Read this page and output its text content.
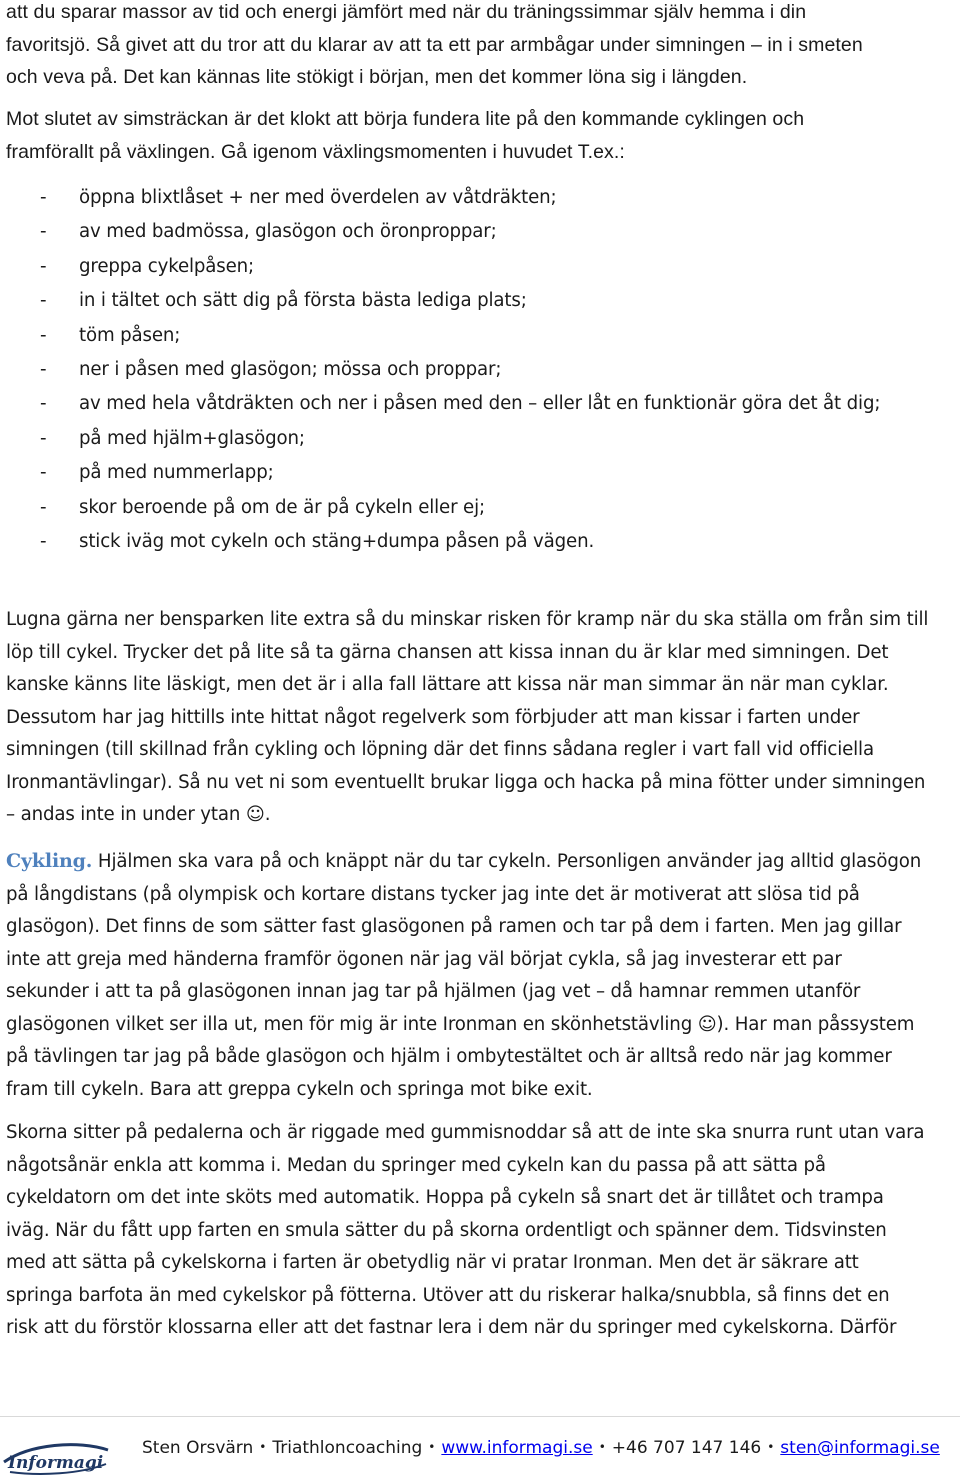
att du sparar massor av tid och energi jämfört med när du träningssimmar själv hemma i din

favoritsjö. Så givet att du tror att du klarar av att ta ett par armbågar under simningen – in i smeten

och veva på. Det kan kännas lite stökigt i början, men det kommer löna sig i längden.

Mot slutet av simsträckan är det klokt att börja fundera lite på den kommande cyklingen och

framförallt på växlingen. Gå igenom växlingsmomenten i huvudet T.ex.:

- öppna blixtlåset + ner med överdelen av våtdräkten;
- av med badmössa, glasögon och öronproppar;
- greppa cykelpåsen;
- in i tältet och sätt dig på första bästa lediga plats;
- töm påsen;
- ner i påsen med glasögon; mössa och proppar;
- av med hela våtdräkten och ner i påsen med den – eller låt en funktionär göra det åt dig;
- på med hjälm+glasögon;
- på med nummerlapp;
- skor beroende på om de är på cykeln eller ej;
- stick iväg mot cykeln och stäng+dumpa påsen på vägen.

Lugna gärna ner bensparken lite extra så du minskar risken för kramp när du ska ställa om från sim till

löp till cykel. Trycker det på lite så ta gärna chansen att kissa innan du är klar med simningen. Det

kanske känns lite läskigt, men det är i alla fall lättare att kissa när man simmar än när man cyklar.

Dessutom har jag hittills inte hittat något regelverk som förbjuder att man kissar i farten under

simningen (till skillnad från cykling och löpning där det finns sådana regler i vart fall vid officiella

Ironmantävlingar). Så nu vet ni som eventuellt brukar ligga och hacka på mina fötter under simningen

– andas inte in under ytan ☺.

Cykling. Hjälmen ska vara på och knäppt när du tar cykeln. Personligen använder jag alltid glasögon

på långdistans (på olympisk och kortare distans tycker jag inte det är motiverat att slösa tid på

glasögon). Det finns de som sätter fast glasögonen på ramen och tar på dem i farten. Men jag gillar

inte att greja med händerna framför ögonen när jag väl börjat cykla, så jag investerar ett par

sekunder i att ta på glasögonen innan jag tar på hjälmen (jag vet – då hamnar remmen utanför

glasögonen vilket ser illa ut, men för mig är inte Ironman en skönhetstävling ☺). Har man påssystem

på tävlingen tar jag på både glasögon och hjälm i ombytestältet och är alltså redo när jag kommer

fram till cykeln. Bara att greppa cykeln och springa mot bike exit.

Skorna sitter på pedalerna och är riggade med gummisnoddar så att de inte ska snurra runt utan vara

någotsånär enkla att komma i. Medan du springer med cykeln kan du passa på att sätta på

cykeldatorn om det inte sköts med automatik. Hoppa på cykeln så snart det är tillåtet och trampa

iväg. När du fått upp farten en smula sätter du på skorna ordentligt och spänner dem. Tidsvinsten

med att sätta på cykelskorna i farten är obetydlig när vi pratar Ironman. Men det är säkrare att

springa barfota än med cykelskor på fötterna. Utöver att du riskerar halka/snubbla, så finns det en

risk att du förstör klossarna eller att det fastnar lera i dem när du springer med cykelskorna. Därför

Informagi
Sten Orsvärn • Triathloncoaching • www.informagi.se • +46 707 147 146 • sten@informagi.se
